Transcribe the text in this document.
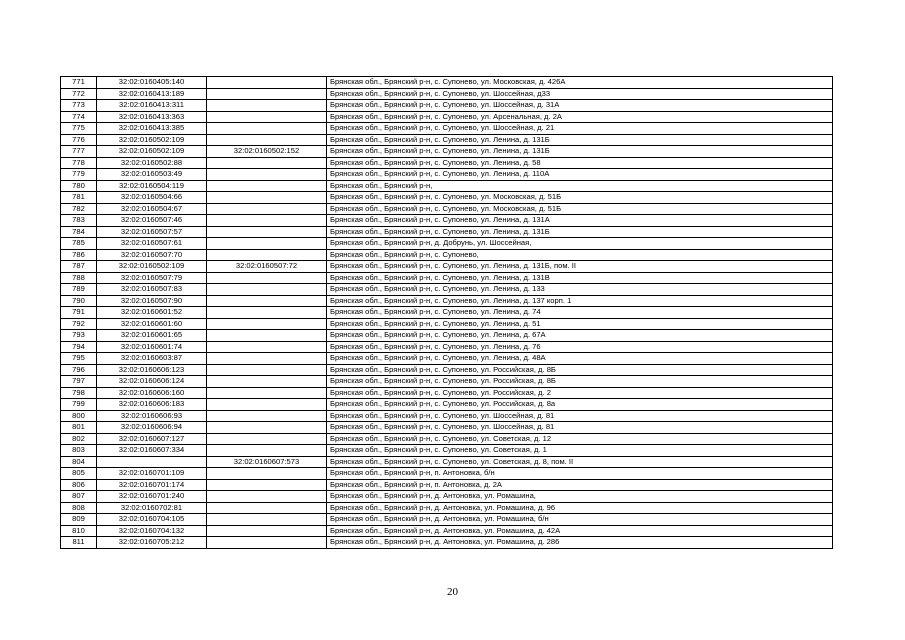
771	32:02:0160405:140		Брянская обл., Брянский р-н, с. Супонево, ул. Московская, д. 426А
772	32:02:0160413:189		Брянская обл., Брянский р-н, с. Супонево, ул. Шоссейная, д33
773	32:02:0160413:311		Брянская обл., Брянский р-н, с. Супонево, ул. Шоссейная, д. 31А
774	32:02:0160413:363		Брянская обл., Брянский р-н, с. Супонево, ул. Арсенальная, д. 2А
775	32:02:0160413:385		Брянская обл., Брянский р-н, с. Супонево, ул. Шоссейная, д. 21
776	32:02:0160502:109		Брянская обл., Брянский р-н, с. Супонево, ул. Ленина, д. 131Б
777	32:02:0160502:109	32:02:0160502:152	Брянская обл., Брянский р-н, с. Супонево, ул. Ленина, д. 131Б
778	32:02:0160502:88		Брянская обл., Брянский р-н, с. Супонево, ул. Ленина, д. 58
779	32:02:0160503:49		Брянская обл., Брянский р-н, с. Супонево, ул. Ленина, д. 110А
780	32:02:0160504:119		Брянская обл., Брянский р-н,
781	32:02:0160504:66		Брянская обл., Брянский р-н, с. Супонево, ул. Московская, д. 51Б
782	32:02:0160504:67		Брянская обл., Брянский р-н, с. Супонево, ул. Московская, д. 51Б
783	32:02:0160507:46		Брянская обл., Брянский р-н, с. Супонево, ул. Ленина, д. 131А
784	32:02:0160507:57		Брянская обл., Брянский р-н, с. Супонево, ул. Ленина, д. 131Б
785	32:02:0160507:61		Брянская обл., Брянский р-н, д. Добрунь, ул. Шоссейная,
786	32:02:0160507:70		Брянская обл., Брянский р-н, с. Супонево,
787	32:02:0160502:109	32:02:0160507:72	Брянская обл., Брянский р-н, с. Супонево, ул. Ленина, д. 131Б, пом. II
788	32:02:0160507:79		Брянская обл., Брянский р-н, с. Супонево, ул. Ленина, д. 131В
789	32:02:0160507:83		Брянская обл., Брянский р-н, с. Супонево, ул. Ленина, д. 133
790	32:02:0160507:90		Брянская обл., Брянский р-н, с. Супонево, ул. Ленина, д. 137 корп. 1
791	32:02:0160601:52		Брянская обл., Брянский р-н, с. Супонево, ул. Ленина, д. 74
792	32:02:0160601:60		Брянская обл., Брянский р-н, с. Супонево, ул. Ленина, д. 51
793	32:02:0160601:65		Брянская обл., Брянский р-н, с. Супонево, ул. Ленина, д. 67А
794	32:02:0160601:74		Брянская обл., Брянский р-н, с. Супонево, ул. Ленина, д. 76
795	32:02:0160603:87		Брянская обл., Брянский р-н, с. Супонево, ул. Ленина, д. 48А
796	32:02:0160606:123		Брянская обл., Брянский р-н, с. Супонево, ул. Российская, д. 8Б
797	32:02:0160606:124		Брянская обл., Брянский р-н, с. Супонево, ул. Российская, д. 8Б
798	32:02:0160606:160		Брянская обл., Брянский р-н, с. Супонево, ул. Российская, д. 2
799	32:02:0160606:183		Брянская обл., Брянский р-н, с. Супонево, ул. Российская, д. 8а
800	32:02:0160606:93		Брянская обл., Брянский р-н, с. Супонево, ул. Шоссейная, д. 81
801	32:02:0160606:94		Брянская обл., Брянский р-н, с. Супонево, ул. Шоссейная, д. 81
802	32:02:0160607:127		Брянская обл., Брянский р-н, с. Супонево, ул. Советская, д. 12
803	32:02:0160607:334		Брянская обл., Брянский р-н, с. Супонево, ул. Советская, д. 1
804		32:02:0160607:573	Брянская обл., Брянский р-н, с. Супонево, ул. Советская, д. 8, пом. II
805	32:02:0160701:109		Брянская обл., Брянский р-н, п. Антоновка, б/н
806	32:02:0160701:174		Брянская обл., Брянский р-н, п. Антоновка, д. 2А
807	32:02:0160701:240		Брянская обл., Брянский р-н, д. Антоновка, ул. Ромашина,
808	32:02:0160702:81		Брянская обл., Брянский р-н, д. Антоновка, ул. Ромашина, д. 96
809	32:02:0160704:105		Брянская обл., Брянский р-н, д. Антоновка, ул. Ромашина, б/н
810	32:02:0160704:132		Брянская обл., Брянский р-н, д. Антоновка, ул. Ромашина, д. 42А
811	32:02:0160705:212		Брянская обл., Брянский р-н, д. Антоновка, ул. Ромашина, д. 286
20
